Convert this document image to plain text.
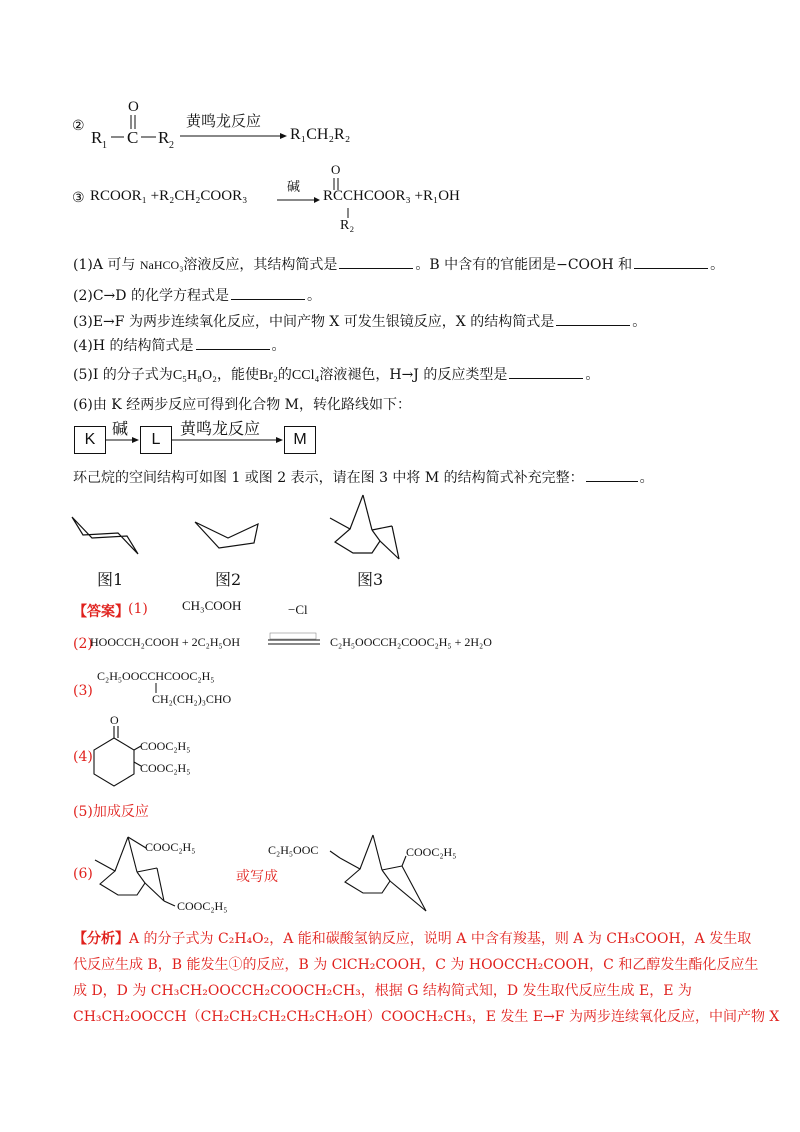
②
R 1 C
O
R 2
黄鸣龙反应
R₁CH₂R₂
③ RCOOR₁ +R₂CH₂COOR₃
碱
O
RCCHCOOR₃ +R₁OH
R₂
(1)A 可与 NaHCO₃溶液反应，其结构简式是	。B 中含有的官能团是−COOH 和	。
(2)C→D 的化学方程式是	。
(3)E→F 为两步连续氧化反应，中间产物 X 可发生银镜反应，X 的结构简式是	。
(4)H 的结构简式是	。
(5)I 的分子式为C₅H₈O₂，能使Br₂的CCl₄溶液褪色，H→J 的反应类型是	。
(6)由 K 经两步反应可得到化合物 M，转化路线如下：
K
碱
L
黄鸣龙反应
M
环己烷的空间结构可如图 1 或图 2 表示，请在图 3 中将 M 的结构简式补充完整：	。
图1	图2	图3
【答案】 (1)	CH₃COOH	−Cl
(2)
HOOCCH₂COOH + 2C₂H₅OH	C₂H₅OOCCH₂COOC₂H₅ + 2H₂O
(3)
C₂H₅OOCCHCOOC₂H₅
CH₂(CH₂)₃CHO
(4)
O
COOC₂H₅
COOC₂H₅
(5)加成反应
(6)
COOC₂H₅
COOC₂H₅
或写成
C₂H₅OOC	COOC₂H₅
【分析】A 的分子式为 C₂H₄O₂，A 能和碳酸氢钠反应，说明 A 中含有羧基，则 A 为 CH₃COOH，A 发生取
代反应生成 B，B 能发生①的反应，B 为 ClCH₂COOH，C 为 HOOCCH₂COOH，C 和乙醇发生酯化反应生
成 D，D 为 CH₃CH₂OOCCH₂COOCH₂CH₃，根据 G 结构简式知，D 发生取代反应生成 E，E 为
CH₃CH₂OOCCH（CH₂CH₂CH₂CH₂CH₂OH）COOCH₂CH₃，E 发生 E→F 为两步连续氧化反应，中间产物 X
